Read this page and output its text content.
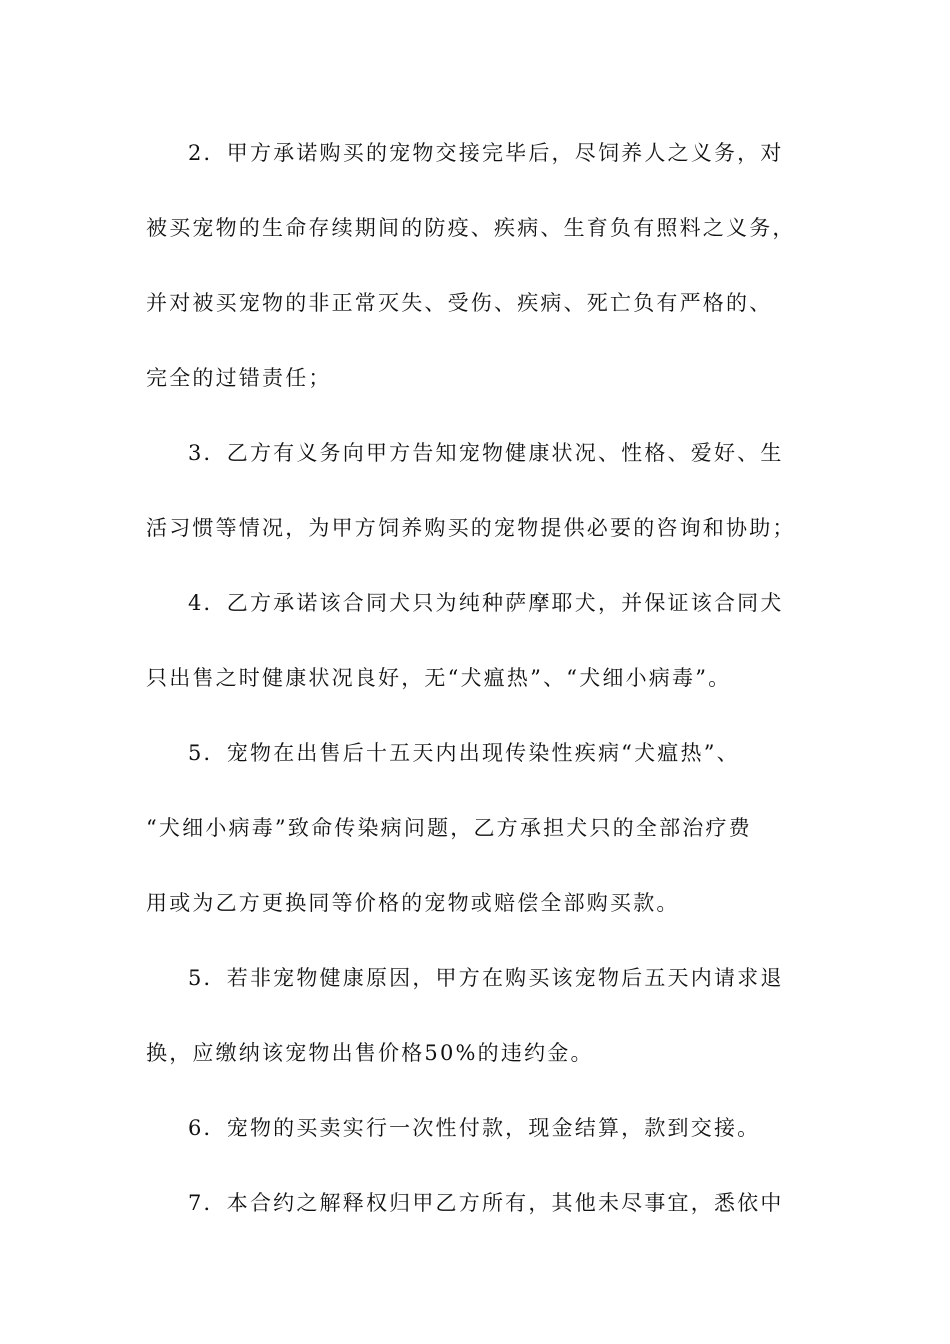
2．甲方承诺购买的宠物交接完毕后，尽饲养人之义务，对
被买宠物的生命存续期间的防疫、疾病、生育负有照料之义务，
并对被买宠物的非正常灭失、受伤、疾病、死亡负有严格的、
完全的过错责任；
3．乙方有义务向甲方告知宠物健康状况、性格、爱好、生
活习惯等情况，为甲方饲养购买的宠物提供必要的咨询和协助；
4．乙方承诺该合同犬只为纯种萨摩耶犬，并保证该合同犬
只出售之时健康状况良好，无“犬瘟热”、“犬细小病毒”。
5．宠物在出售后十五天内出现传染性疾病“犬瘟热”、
“犬细小病毒”致命传染病问题，乙方承担犬只的全部治疗费
用或为乙方更换同等价格的宠物或赔偿全部购买款。
5．若非宠物健康原因，甲方在购买该宠物后五天内请求退
换，应缴纳该宠物出售价格50%的违约金。
6．宠物的买卖实行一次性付款，现金结算，款到交接。
7．本合约之解释权归甲乙方所有，其他未尽事宜，悉依中
